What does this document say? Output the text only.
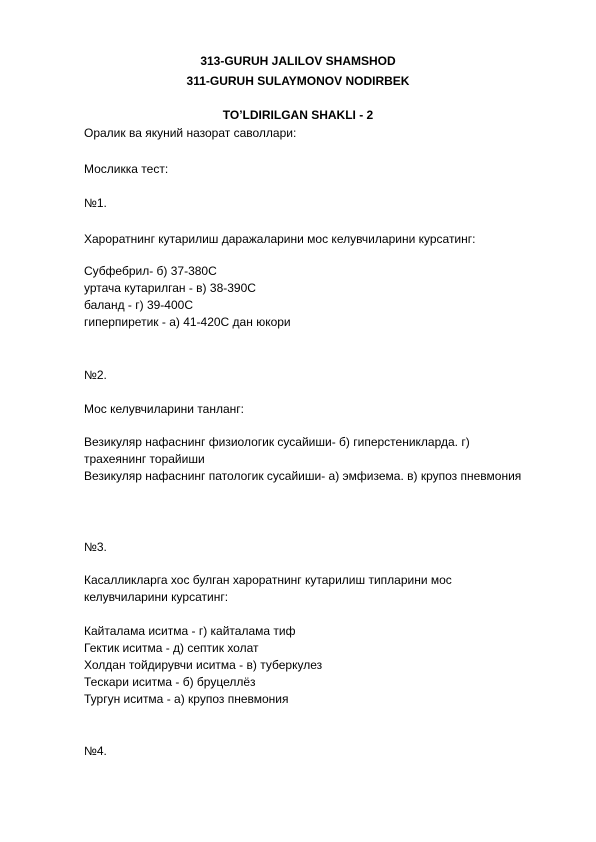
313-GURUH JALILOV SHAMSHOD
311-GURUH SULAYMONOV NODIRBEK
TO’LDIRILGAN SHAKLI - 2
Оралик ва якуний назорат саволлари:
Мосликка тест:
№1.
Хароратнинг кутарилиш даражаларини мос келувчиларини курсатинг:
Субфебрил- б) 37-380С
уртача кутарилган - в) 38-390С
баланд - г) 39-400С
гиперпиретик - а) 41-420С дан юкори
№2.
Мос келувчиларини танланг:
Везикуляр нафаснинг физиологик сусайиши- б) гиперстеникларда. г)
трахеянинг торайиши
Везикуляр нафаснинг патологик сусайиши- а) эмфизема. в) крупоз пневмония
№3.
Касалликларга хос булган хароратнинг кутарилиш типларини мос
келувчиларини курсатинг:
Кайталама иситма - г) кайталама тиф
Гектик иситма - д) септик холат
Холдан тойдирувчи иситма - в) туберкулез
Тескари иситма - б) бруцеллёз
Тургун иситма - а) крупоз пневмония
№4.
